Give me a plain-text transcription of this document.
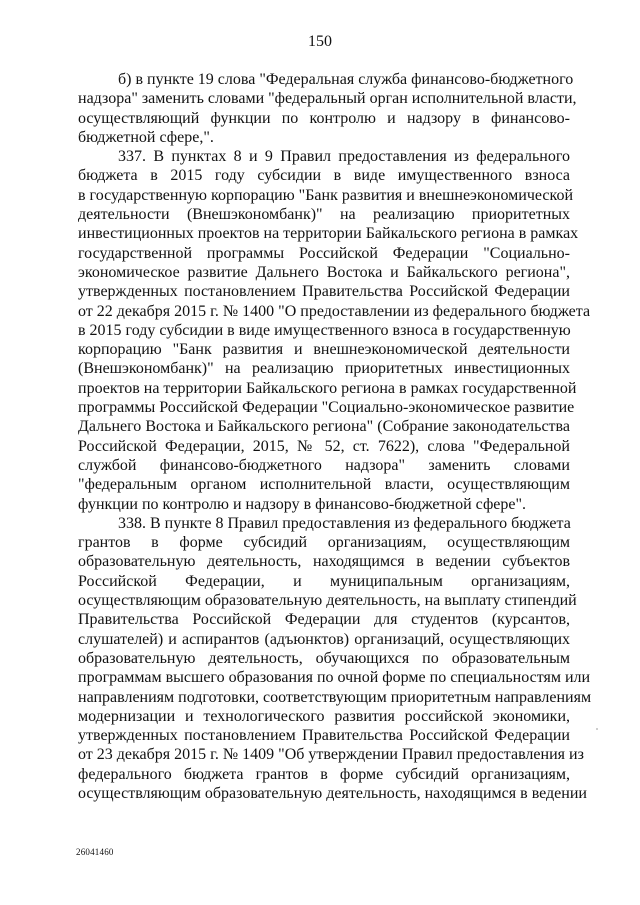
150
б) в пункте 19 слова "Федеральная служба финансово-бюджетного
надзора" заменить словами "федеральный орган исполнительной власти,
осуществляющий функции по контролю и надзору в финансово-
бюджетной сфере,".
337. В пунктах 8 и 9 Правил предоставления из федерального
бюджета в 2015 году субсидии в виде имущественного взноса
в государственную корпорацию "Банк развития и внешнеэкономической
деятельности (Внешэкономбанк)" на реализацию приоритетных
инвестиционных проектов на территории Байкальского региона в рамках
государственной программы Российской Федерации "Социально-
экономическое развитие Дальнего Востока и Байкальского региона",
утвержденных постановлением Правительства Российской Федерации
от 22 декабря 2015 г. № 1400 "О предоставлении из федерального бюджета
в 2015 году субсидии в виде имущественного взноса в государственную
корпорацию "Банк развития и внешнеэкономической деятельности
(Внешэкономбанк)" на реализацию приоритетных инвестиционных
проектов на территории Байкальского региона в рамках государственной
программы Российской Федерации "Социально-экономическое развитие
Дальнего Востока и Байкальского региона" (Собрание законодательства
Российской Федерации, 2015, № 52, ст. 7622), слова "Федеральной
службой финансово-бюджетного надзора" заменить словами
"федеральным органом исполнительной власти, осуществляющим
функции по контролю и надзору в финансово-бюджетной сфере".
338. В пункте 8 Правил предоставления из федерального бюджета
грантов в форме субсидий организациям, осуществляющим
образовательную деятельность, находящимся в ведении субъектов
Российской Федерации, и муниципальным организациям,
осуществляющим образовательную деятельность, на выплату стипендий
Правительства Российской Федерации для студентов (курсантов,
слушателей) и аспирантов (адъюнктов) организаций, осуществляющих
образовательную деятельность, обучающихся по образовательным
программам высшего образования по очной форме по специальностям или
направлениям подготовки, соответствующим приоритетным направлениям
модернизации и технологического развития российской экономики,
утвержденных постановлением Правительства Российской Федерации
от 23 декабря 2015 г. № 1409 "Об утверждении Правил предоставления из
федерального бюджета грантов в форме субсидий организациям,
осуществляющим образовательную деятельность, находящимся в ведении
26041460
